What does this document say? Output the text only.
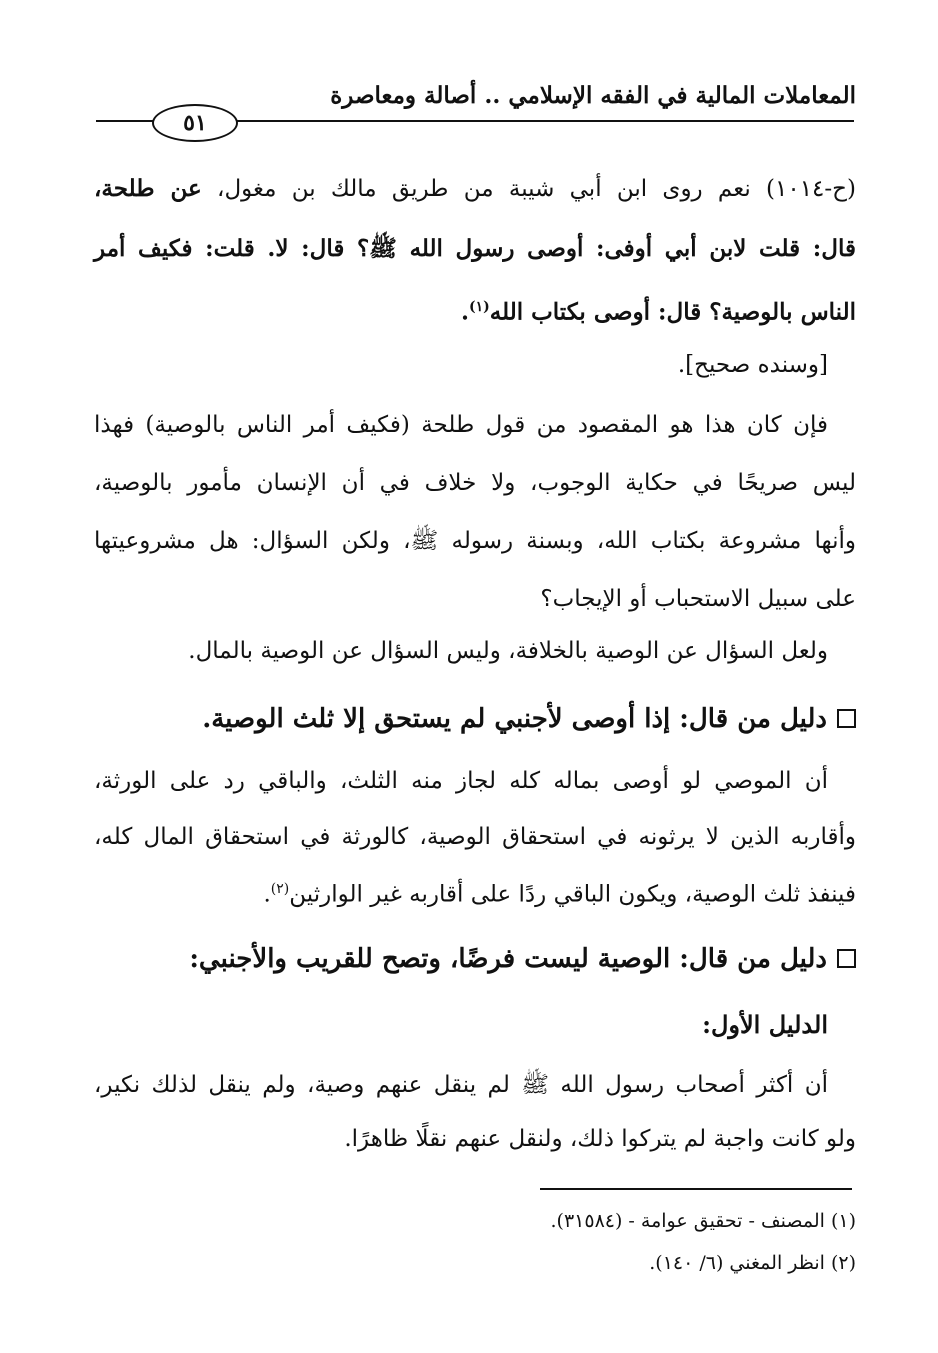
المعاملات المالية في الفقه الإسلامي .. أصالة ومعاصرة
٥١
(ح-١٠١٤) نعم روى ابن أبي شيبة من طريق مالك بن مغول، عن طلحة،
قال: قلت لابن أبي أوفى: أوصى رسول الله ﷺ؟ قال: لا. قلت: فكيف أمر
الناس بالوصية؟ قال: أوصى بكتاب الله$^{(١)}$.
[وسنده صحيح].
فإن كان هذا هو المقصود من قول طلحة (فكيف أمر الناس بالوصية) فهذا
ليس صريحًا في حكاية الوجوب، ولا خلاف في أن الإنسان مأمور بالوصية،
وأنها مشروعة بكتاب الله، وبسنة رسوله ﷺ، ولكن السؤال: هل مشروعيتها
على سبيل الاستحباب أو الإيجاب؟
ولعل السؤال عن الوصية بالخلافة، وليس السؤال عن الوصية بالمال.
دليل من قال: إذا أوصى لأجنبي لم يستحق إلا ثلث الوصية.
أن الموصي لو أوصى بماله كله لجاز منه الثلث، والباقي رد على الورثة،
وأقاربه الذين لا يرثونه في استحقاق الوصية، كالورثة في استحقاق المال كله،
فينفذ ثلث الوصية، ويكون الباقي ردًا على أقاربه غير الوارثين$^{(٢)}$.
دليل من قال: الوصية ليست فرضًا، وتصح للقريب والأجنبي:
الدليل الأول:
أن أكثر أصحاب رسول الله ﷺ لم ينقل عنهم وصية، ولم ينقل لذلك نكير،
ولو كانت واجبة لم يتركوا ذلك، ولنقل عنهم نقلًا ظاهرًا.
(١) المصنف - تحقيق عوامة - (٣١٥٨٤).
(٢) انظر المغني (٦/ ١٤٠).
